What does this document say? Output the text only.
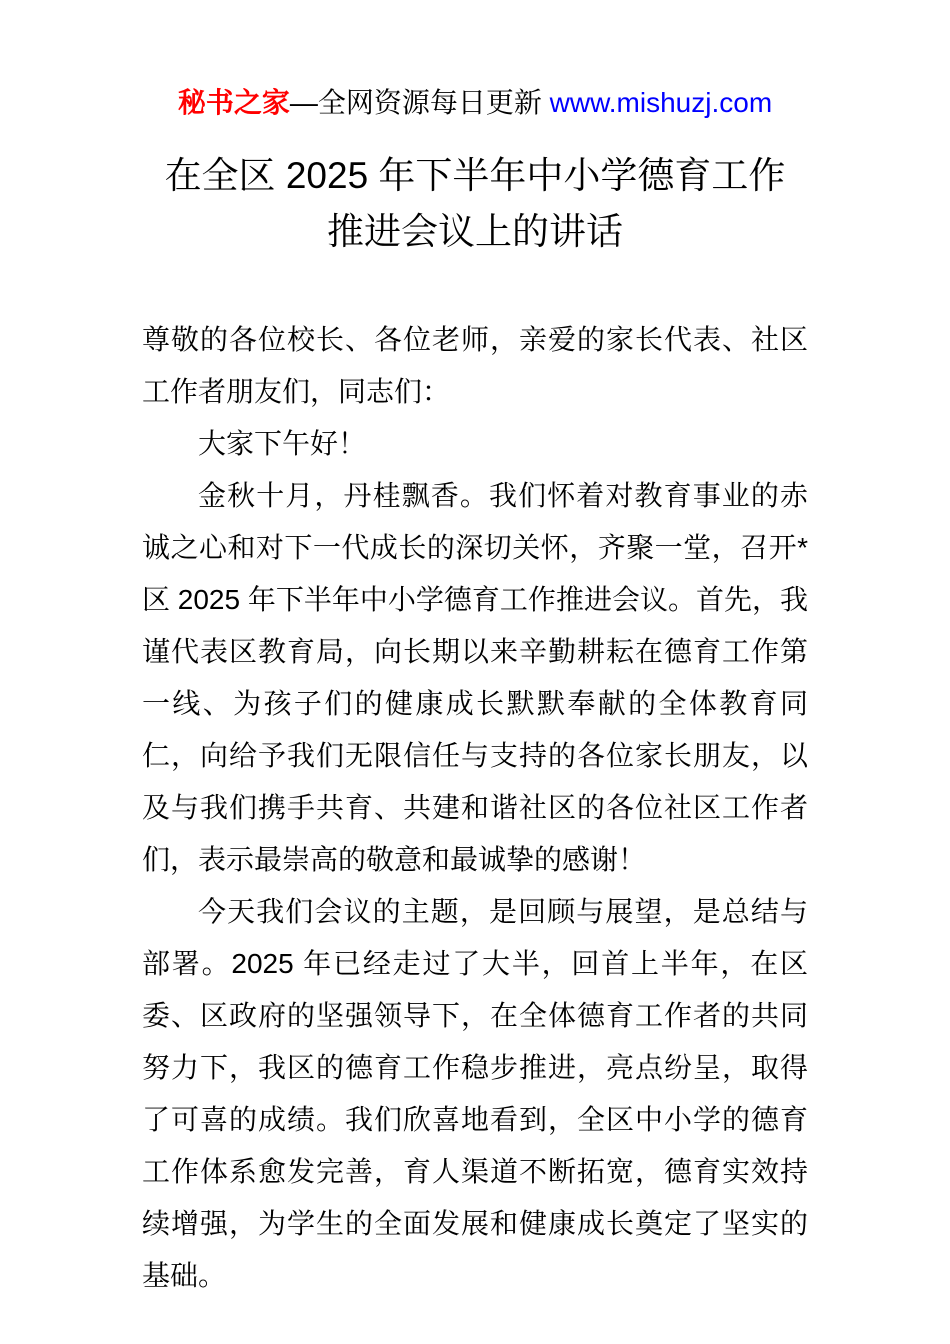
秘书之家—全网资源每日更新 www.mishuzj.com
在全区 2025 年下半年中小学德育工作
推进会议上的讲话

尊敬的各位校长、各位老师，亲爱的家长代表、社区工作者朋友们，同志们：

大家下午好！

金秋十月，丹桂飘香。我们怀着对教育事业的赤诚之心和对下一代成长的深切关怀，齐聚一堂，召开*区 2025 年下半年中小学德育工作推进会议。首先，我谨代表区教育局，向长期以来辛勤耕耘在德育工作第一线、为孩子们的健康成长默默奉献的全体教育同仁，向给予我们无限信任与支持的各位家长朋友，以及与我们携手共育、共建和谐社区的各位社区工作者们，表示最崇高的敬意和最诚挚的感谢！

今天我们会议的主题，是回顾与展望，是总结与部署。2025 年已经走过了大半，回首上半年，在区委、区政府的坚强领导下，在全体德育工作者的共同努力下，我区的德育工作稳步推进，亮点纷呈，取得了可喜的成绩。我们欣喜地看到，全区中小学的德育工作体系愈发完善，育人渠道不断拓宽，德育实效持续增强，为学生的全面发展和健康成长奠定了坚实的基础。
